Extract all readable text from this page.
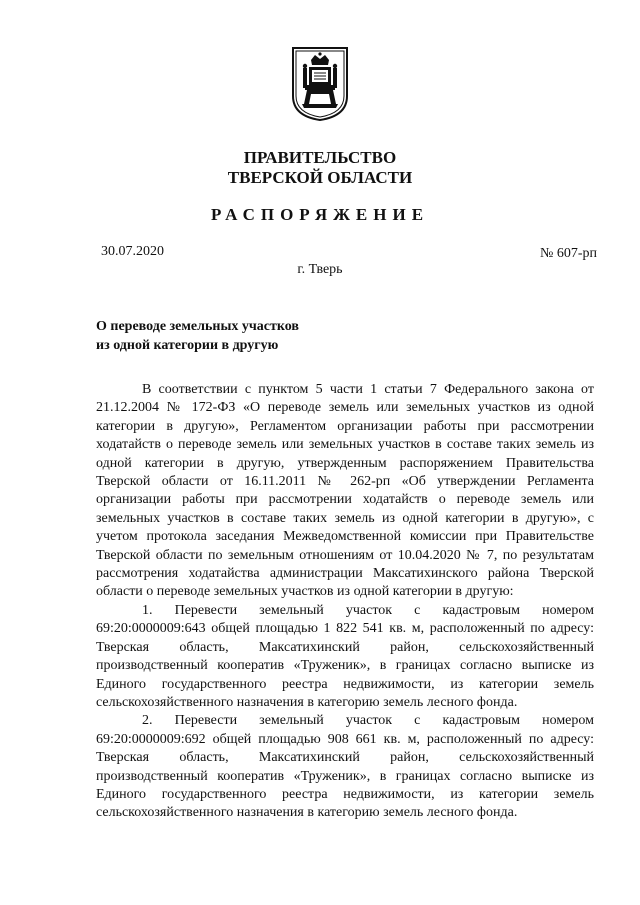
ПРАВИТЕЛЬСТВО
ТВЕРСКОЙ ОБЛАСТИ
РАСПОРЯЖЕНИЕ
30.07.2020	№ 607-рп
г. Тверь
О переводе земельных участков
из одной категории в другую

В соответствии с пунктом 5 части 1 статьи 7 Федерального закона от 21.12.2004 № 172-ФЗ «О переводе земель или земельных участков из одной категории в другую», Регламентом организации работы при рассмотрении ходатайств о переводе земель или земельных участков в составе таких земель из одной категории в другую, утвержденным распоряжением Правительства Тверской области от 16.11.2011 № 262-рп «Об утверждении Регламента организации работы при рассмотрении ходатайств о переводе земель или земельных участков в составе таких земель из одной категории в другую», с учетом протокола заседания Межведомственной комиссии при Правительстве Тверской области по земельным отношениям от 10.04.2020 № 7, по результатам рассмотрения ходатайства администрации Максатихинского района Тверской области о переводе земельных участков из одной категории в другую:

1. Перевести земельный участок с кадастровым номером 69:20:0000009:643 общей площадью 1 822 541 кв. м, расположенный по адресу: Тверская область, Максатихинский район, сельскохозяйственный производственный кооператив «Труженик», в границах согласно выписке из Единого государственного реестра недвижимости, из категории земель сельскохозяйственного назначения в категорию земель лесного фонда.

2. Перевести земельный участок с кадастровым номером 69:20:0000009:692 общей площадью 908 661 кв. м, расположенный по адресу: Тверская область, Максатихинский район, сельскохозяйственный производственный кооператив «Труженик», в границах согласно выписке из Единого государственного реестра недвижимости, из категории земель сельскохозяйственного назначения в категорию земель лесного фонда.
